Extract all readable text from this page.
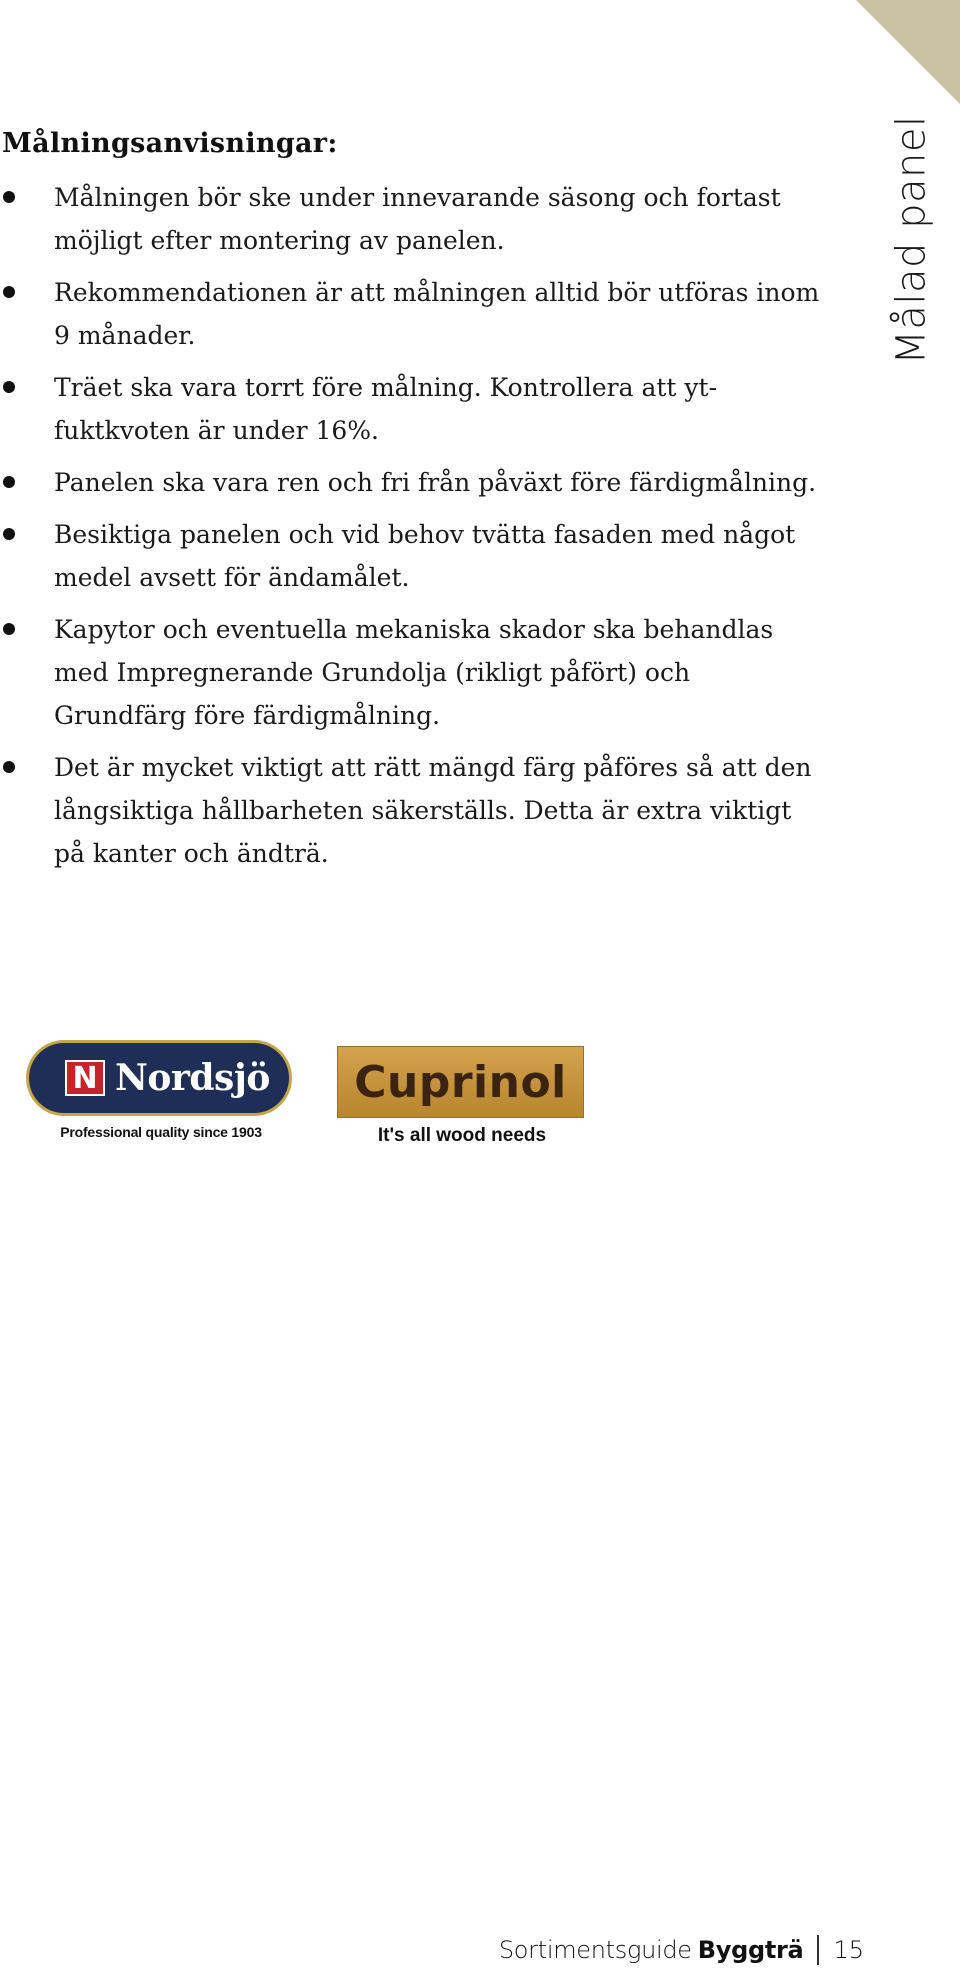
Målad panel
Målningsanvisningar:
Målningen bör ske under innevarande säsong och fortast möjligt efter montering av panelen.
Rekommendationen är att målningen alltid bör utföras inom 9 månader.
Träet ska vara torrt före målning. Kontrollera att yt-fuktkvoten är under 16%.
Panelen ska vara ren och fri från påväxt före färdigmålning.
Besiktiga panelen och vid behov tvätta fasaden med något medel avsett för ändamålet.
Kapytor och eventuella mekaniska skador ska behandlas med Impregnerande Grundolja (rikligt påfört) och Grundfärg före färdigmålning.
Det är mycket viktigt att rätt mängd färg påföres så att den långsiktiga hållbarheten säkerställs. Detta är extra viktigt på kanter och ändträ.
N Nordsjö
Professional quality since 1903
Cuprinol
It's all wood needs
Sortimentsguide Byggträ 15
